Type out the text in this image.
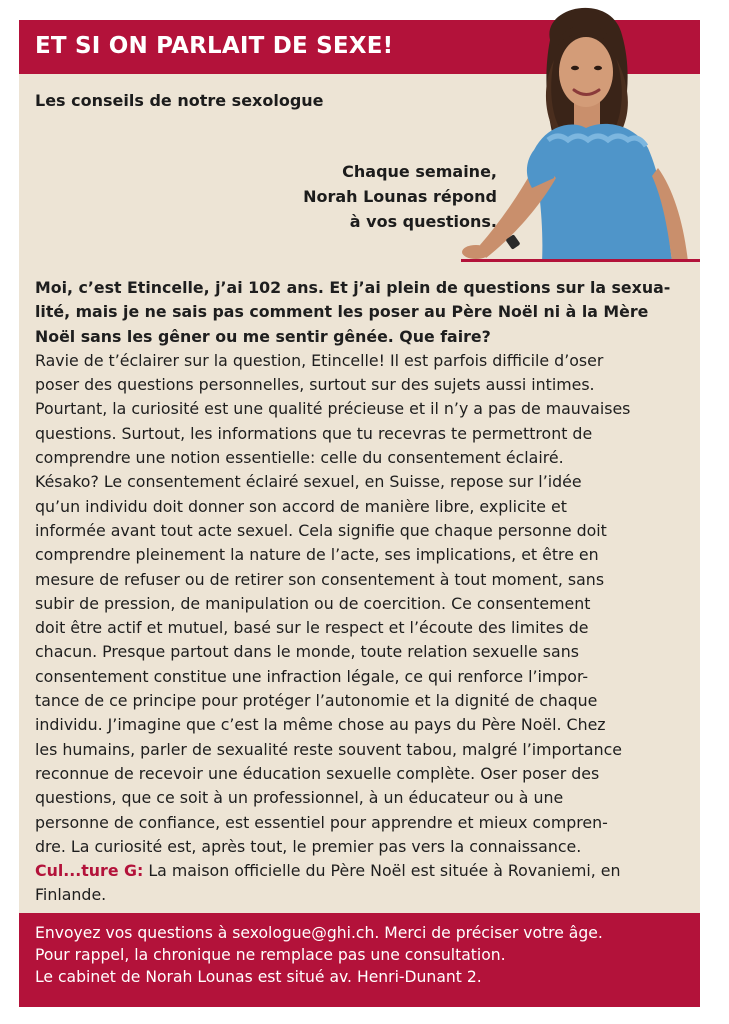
ET SI ON PARLAIT DE SEXE!
Les conseils de notre sexologue
Chaque semaine,
Norah Lounas répond
à vos questions.
Moi, c’est Etincelle, j’ai 102 ans. Et j’ai plein de questions sur la sexua-
lité, mais je ne sais pas comment les poser au Père Noël ni à la Mère
Noël sans les gêner ou me sentir gênée. Que faire?
Ravie de t’éclairer sur la question, Etincelle! Il est parfois difficile d’oser
poser des questions personnelles, surtout sur des sujets aussi intimes.
Pourtant, la curiosité est une qualité précieuse et il n’y a pas de mauvaises
questions. Surtout, les informations que tu recevras te permettront de
comprendre une notion essentielle: celle du consentement éclairé.
Késako? Le consentement éclairé sexuel, en Suisse, repose sur l’idée
qu’un individu doit donner son accord de manière libre, explicite et
informée avant tout acte sexuel. Cela signifie que chaque personne doit
comprendre pleinement la nature de l’acte, ses implications, et être en
mesure de refuser ou de retirer son consentement à tout moment, sans
subir de pression, de manipulation ou de coercition. Ce consentement
doit être actif et mutuel, basé sur le respect et l’écoute des limites de
chacun. Presque partout dans le monde, toute relation sexuelle sans
consentement constitue une infraction légale, ce qui renforce l’impor-
tance de ce principe pour protéger l’autonomie et la dignité de chaque
individu. J’imagine que c’est la même chose au pays du Père Noël. Chez
les humains, parler de sexualité reste souvent tabou, malgré l’importance
reconnue de recevoir une éducation sexuelle complète. Oser poser des
questions, que ce soit à un professionnel, à un éducateur ou à une
personne de confiance, est essentiel pour apprendre et mieux compren-
dre. La curiosité est, après tout, le premier pas vers la connaissance.
Cul...ture G: La maison officielle du Père Noël est située à Rovaniemi, en
Finlande.
Envoyez vos questions à sexologue@ghi.ch. Merci de préciser votre âge.
Pour rappel, la chronique ne remplace pas une consultation.
Le cabinet de Norah Lounas est situé av. Henri-Dunant 2.
